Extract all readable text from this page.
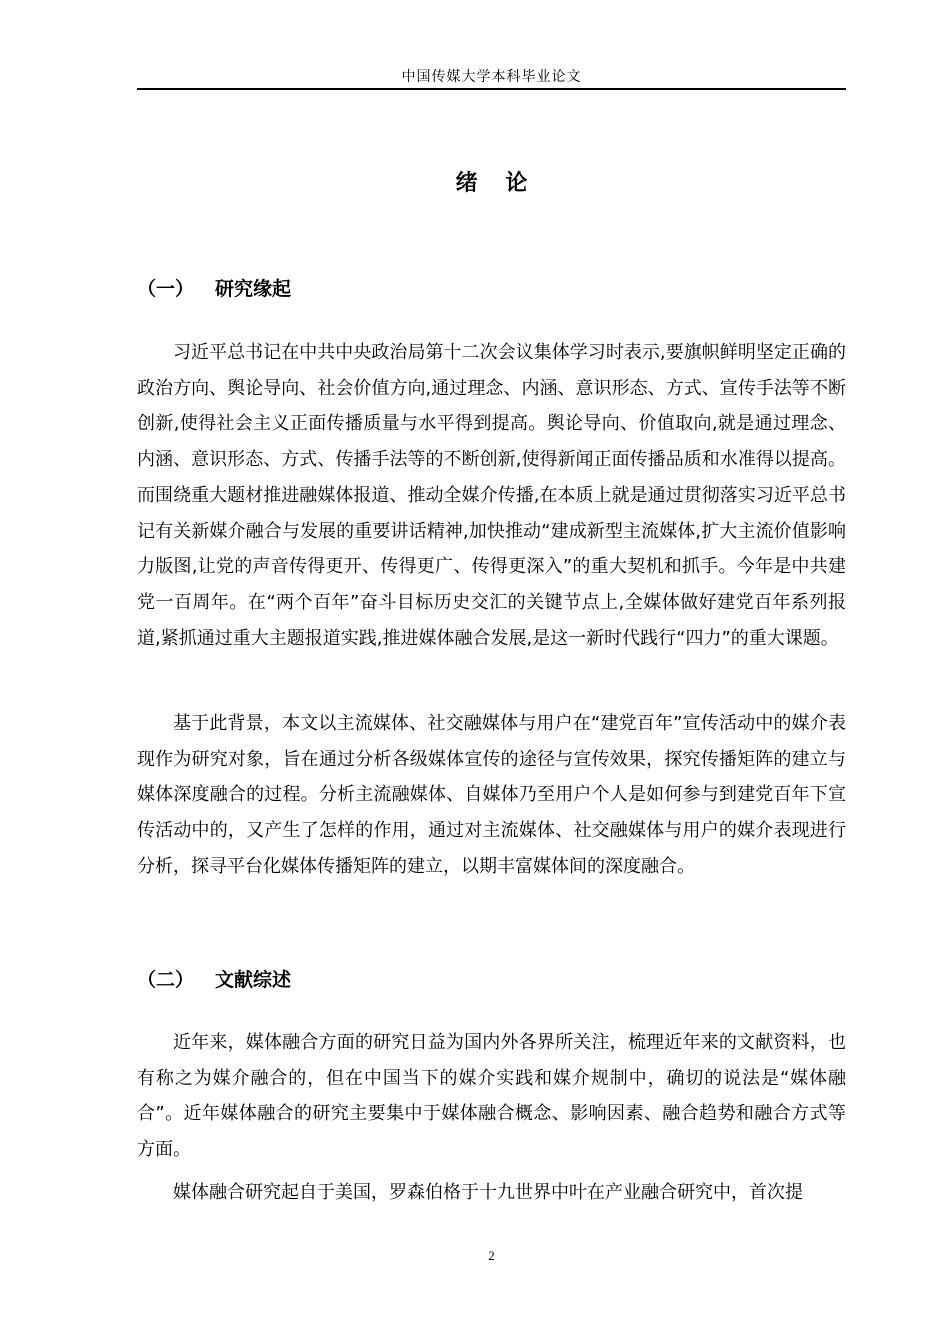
中国传媒大学本科毕业论文
绪 论
（一） 研究缘起

习近平总书记在中共中央政治局第十二次会议集体学习时表示,要旗帜鲜明坚定正确的政治方向、舆论导向、社会价值方向,通过理念、内涵、意识形态、方式、宣传手法等不断创新,使得社会主义正面传播质量与水平得到提高。舆论导向、价值取向,就是通过理念、内涵、意识形态、方式、传播手法等的不断创新,使得新闻正面传播品质和水准得以提高。而围绕重大题材推进融媒体报道、推动全媒介传播,在本质上就是通过贯彻落实习近平总书记有关新媒介融合与发展的重要讲话精神,加快推动“建成新型主流媒体,扩大主流价值影响力版图,让党的声音传得更开、传得更广、传得更深入”的重大契机和抓手。今年是中共建党一百周年。在“两个百年”奋斗目标历史交汇的关键节点上,全媒体做好建党百年系列报道,紧抓通过重大主题报道实践,推进媒体融合发展,是这一新时代践行“四力”的重大课题。

基于此背景，本文以主流媒体、社交融媒体与用户在“建党百年”宣传活动中的媒介表现作为研究对象，旨在通过分析各级媒体宣传的途径与宣传效果，探究传播矩阵的建立与媒体深度融合的过程。分析主流融媒体、自媒体乃至用户个人是如何参与到建党百年下宣传活动中的，又产生了怎样的作用，通过对主流媒体、社交融媒体与用户的媒介表现进行分析，探寻平台化媒体传播矩阵的建立，以期丰富媒体间的深度融合。

（二） 文献综述

近年来，媒体融合方面的研究日益为国内外各界所关注，梳理近年来的文献资料，也有称之为媒介融合的，但在中国当下的媒介实践和媒介规制中，确切的说法是“媒体融合”。近年媒体融合的研究主要集中于媒体融合概念、影响因素、融合趋势和融合方式等方面。

媒体融合研究起自于美国，罗森伯格于十九世界中叶在产业融合研究中，首次提

2
